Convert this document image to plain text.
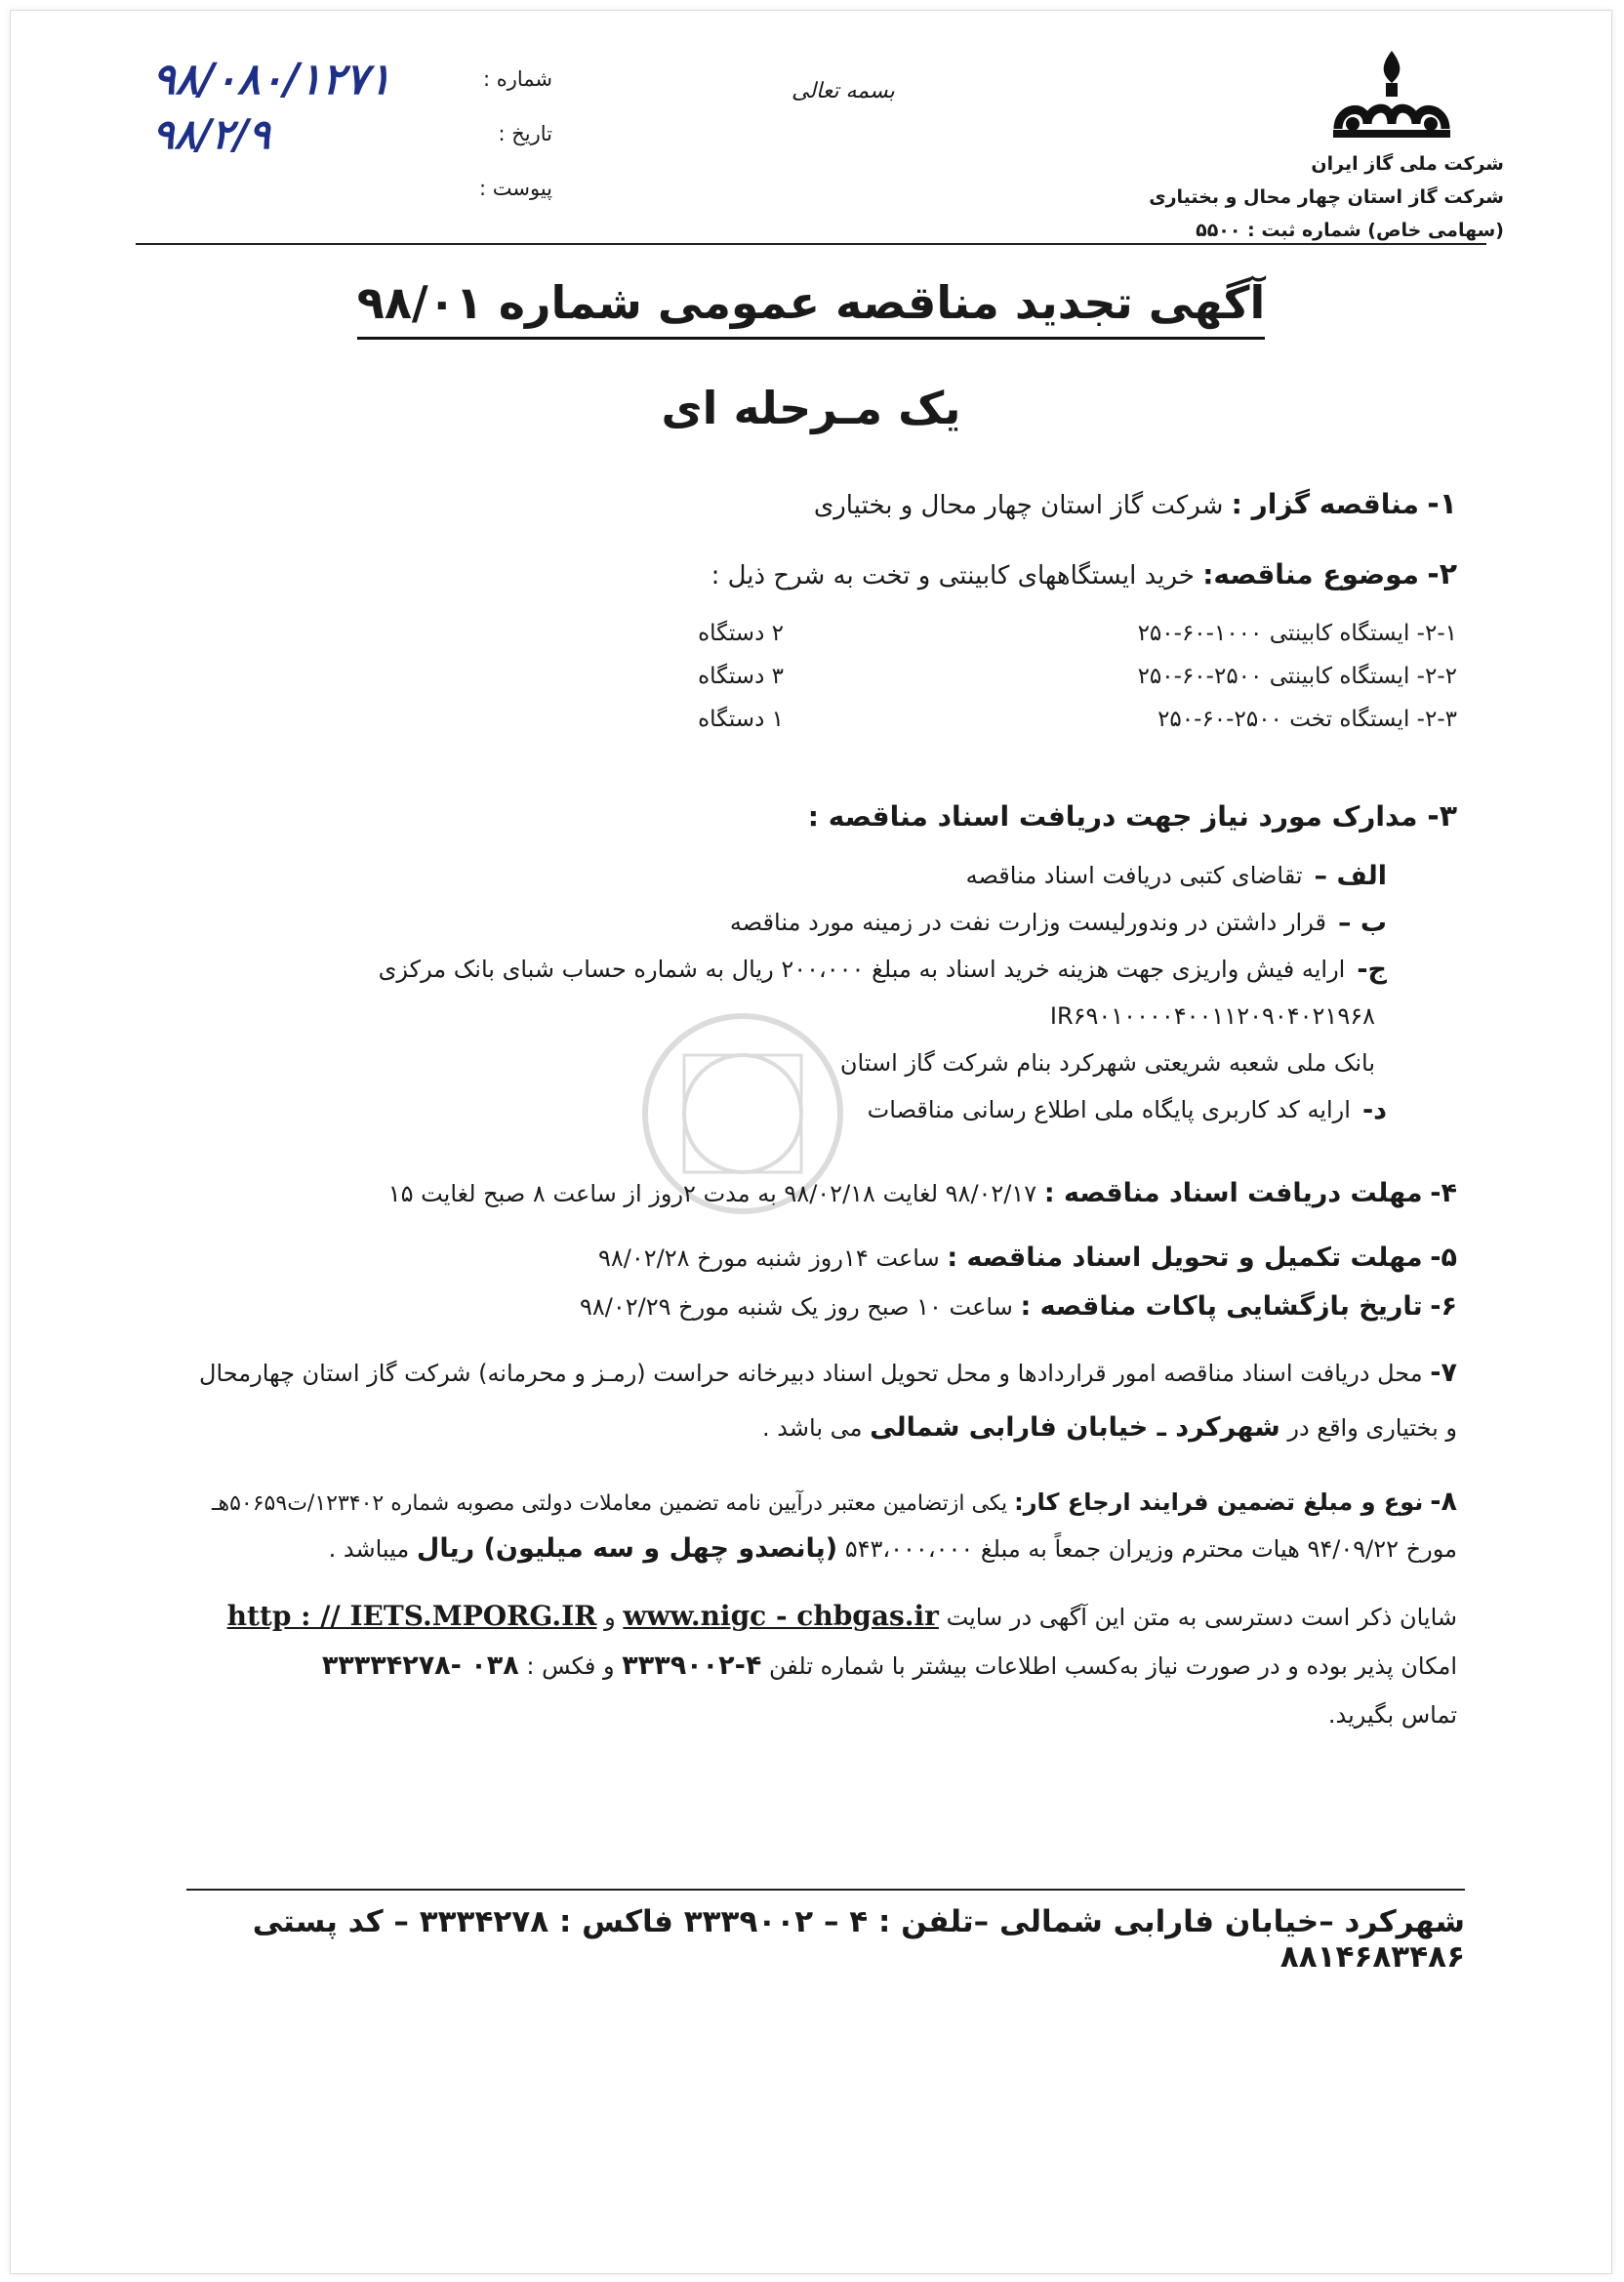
شرکت ملی گاز ایران
شرکت گاز استان چهار محال و بختیاری
(سهامی خاص) شماره ثبت : ۵۵۰۰
بسمه تعالی
شماره :
۹۸/۰۸۰/۱۲۷۱
تاریخ :
۹۸/۲/۹
پیوست :
آگهی تجدید مناقصه عمومی شماره ۹۸/۰۱
یک مـرحله ای
۱- مناقصه گزار : شرکت گاز استان چهار محال و بختیاری
۲- موضوع مناقصه: خرید ایستگاههای کابینتی و تخت به شرح ذیل :
۲-۱- ایستگاه کابینتی ۱۰۰۰-۶۰-۲۵۰
۲ دستگاه
۲-۲- ایستگاه کابینتی ۲۵۰۰-۶۰-۲۵۰
۳ دستگاه
۲-۳- ایستگاه تخت ۲۵۰۰-۶۰-۲۵۰
۱ دستگاه
۳- مدارک مورد نیاز جهت دریافت اسناد مناقصه :
الف –
تقاضای کتبی دریافت اسناد مناقصه
ب –
قرار داشتن در وندورلیست وزارت نفت در زمینه مورد مناقصه
ج-
ارایه فیش واریزی جهت هزینه خرید اسناد به مبلغ ۲۰۰،۰۰۰ ریال به شماره حساب شبای بانک مرکزی
IR۶۹۰۱۰۰۰۰۴۰۰۱۱۲۰۹۰۴۰۲۱۹۶۸
بانک ملی شعبه شریعتی شهرکرد بنام شرکت گاز استان
د-
ارایه کد کاربری پایگاه ملی اطلاع رسانی مناقصات
۴- مهلت دریافت اسناد مناقصه : ۹۸/۰۲/۱۷ لغایت ۹۸/۰۲/۱۸ به مدت ۲روز از ساعت ۸ صبح لغایت ۱۵
۵- مهلت تکمیل و تحویل اسناد مناقصه : ساعت ۱۴روز شنبه مورخ ۹۸/۰۲/۲۸
۶- تاریخ بازگشایی پاکات مناقصه : ساعت ۱۰ صبح روز یک شنبه مورخ ۹۸/۰۲/۲۹
۷- محل دریافت اسناد مناقصه امور قراردادها و محل تحویل اسناد دبیرخانه حراست (رمـز و محرمانه) شرکت گاز استان چهارمحال
و بختیاری واقع در شهرکرد ـ خیابان فارابی شمالی می باشد .
۸- نوع و مبلغ تضمین فرایند ارجاع کار: یکی ازتضامین معتبر درآیین نامه تضمین معاملات دولتی مصوبه شماره ۱۲۳۴۰۲/ت۵۰۶۵۹هـ
مورخ ۹۴/۰۹/۲۲ هیات محترم وزیران جمعاً به مبلغ ۵۴۳،۰۰۰،۰۰۰ (پانصدو چهل و سه میلیون) ریال میباشد .
شایان ذکر است دسترسی به متن این آگهی در سایت www.nigc - chbgas.ir و http : // IETS.MPORG.IR
امکان پذیر بوده و در صورت نیاز به‌کسب اطلاعات بیشتر با شماره تلفن ۴-۳۳۳۹۰۰۲ و فکس : ۰۳۸ -۳۳۳۳۴۲۷۸
تماس بگیرید.
شهرکرد –خیابان فارابی شمالی –تلفن : ۴ – ۳۳۳۹۰۰۲ فاکس : ۳۳۳۴۲۷۸ – کد پستی ۸۸۱۴۶۸۳۴۸۶
